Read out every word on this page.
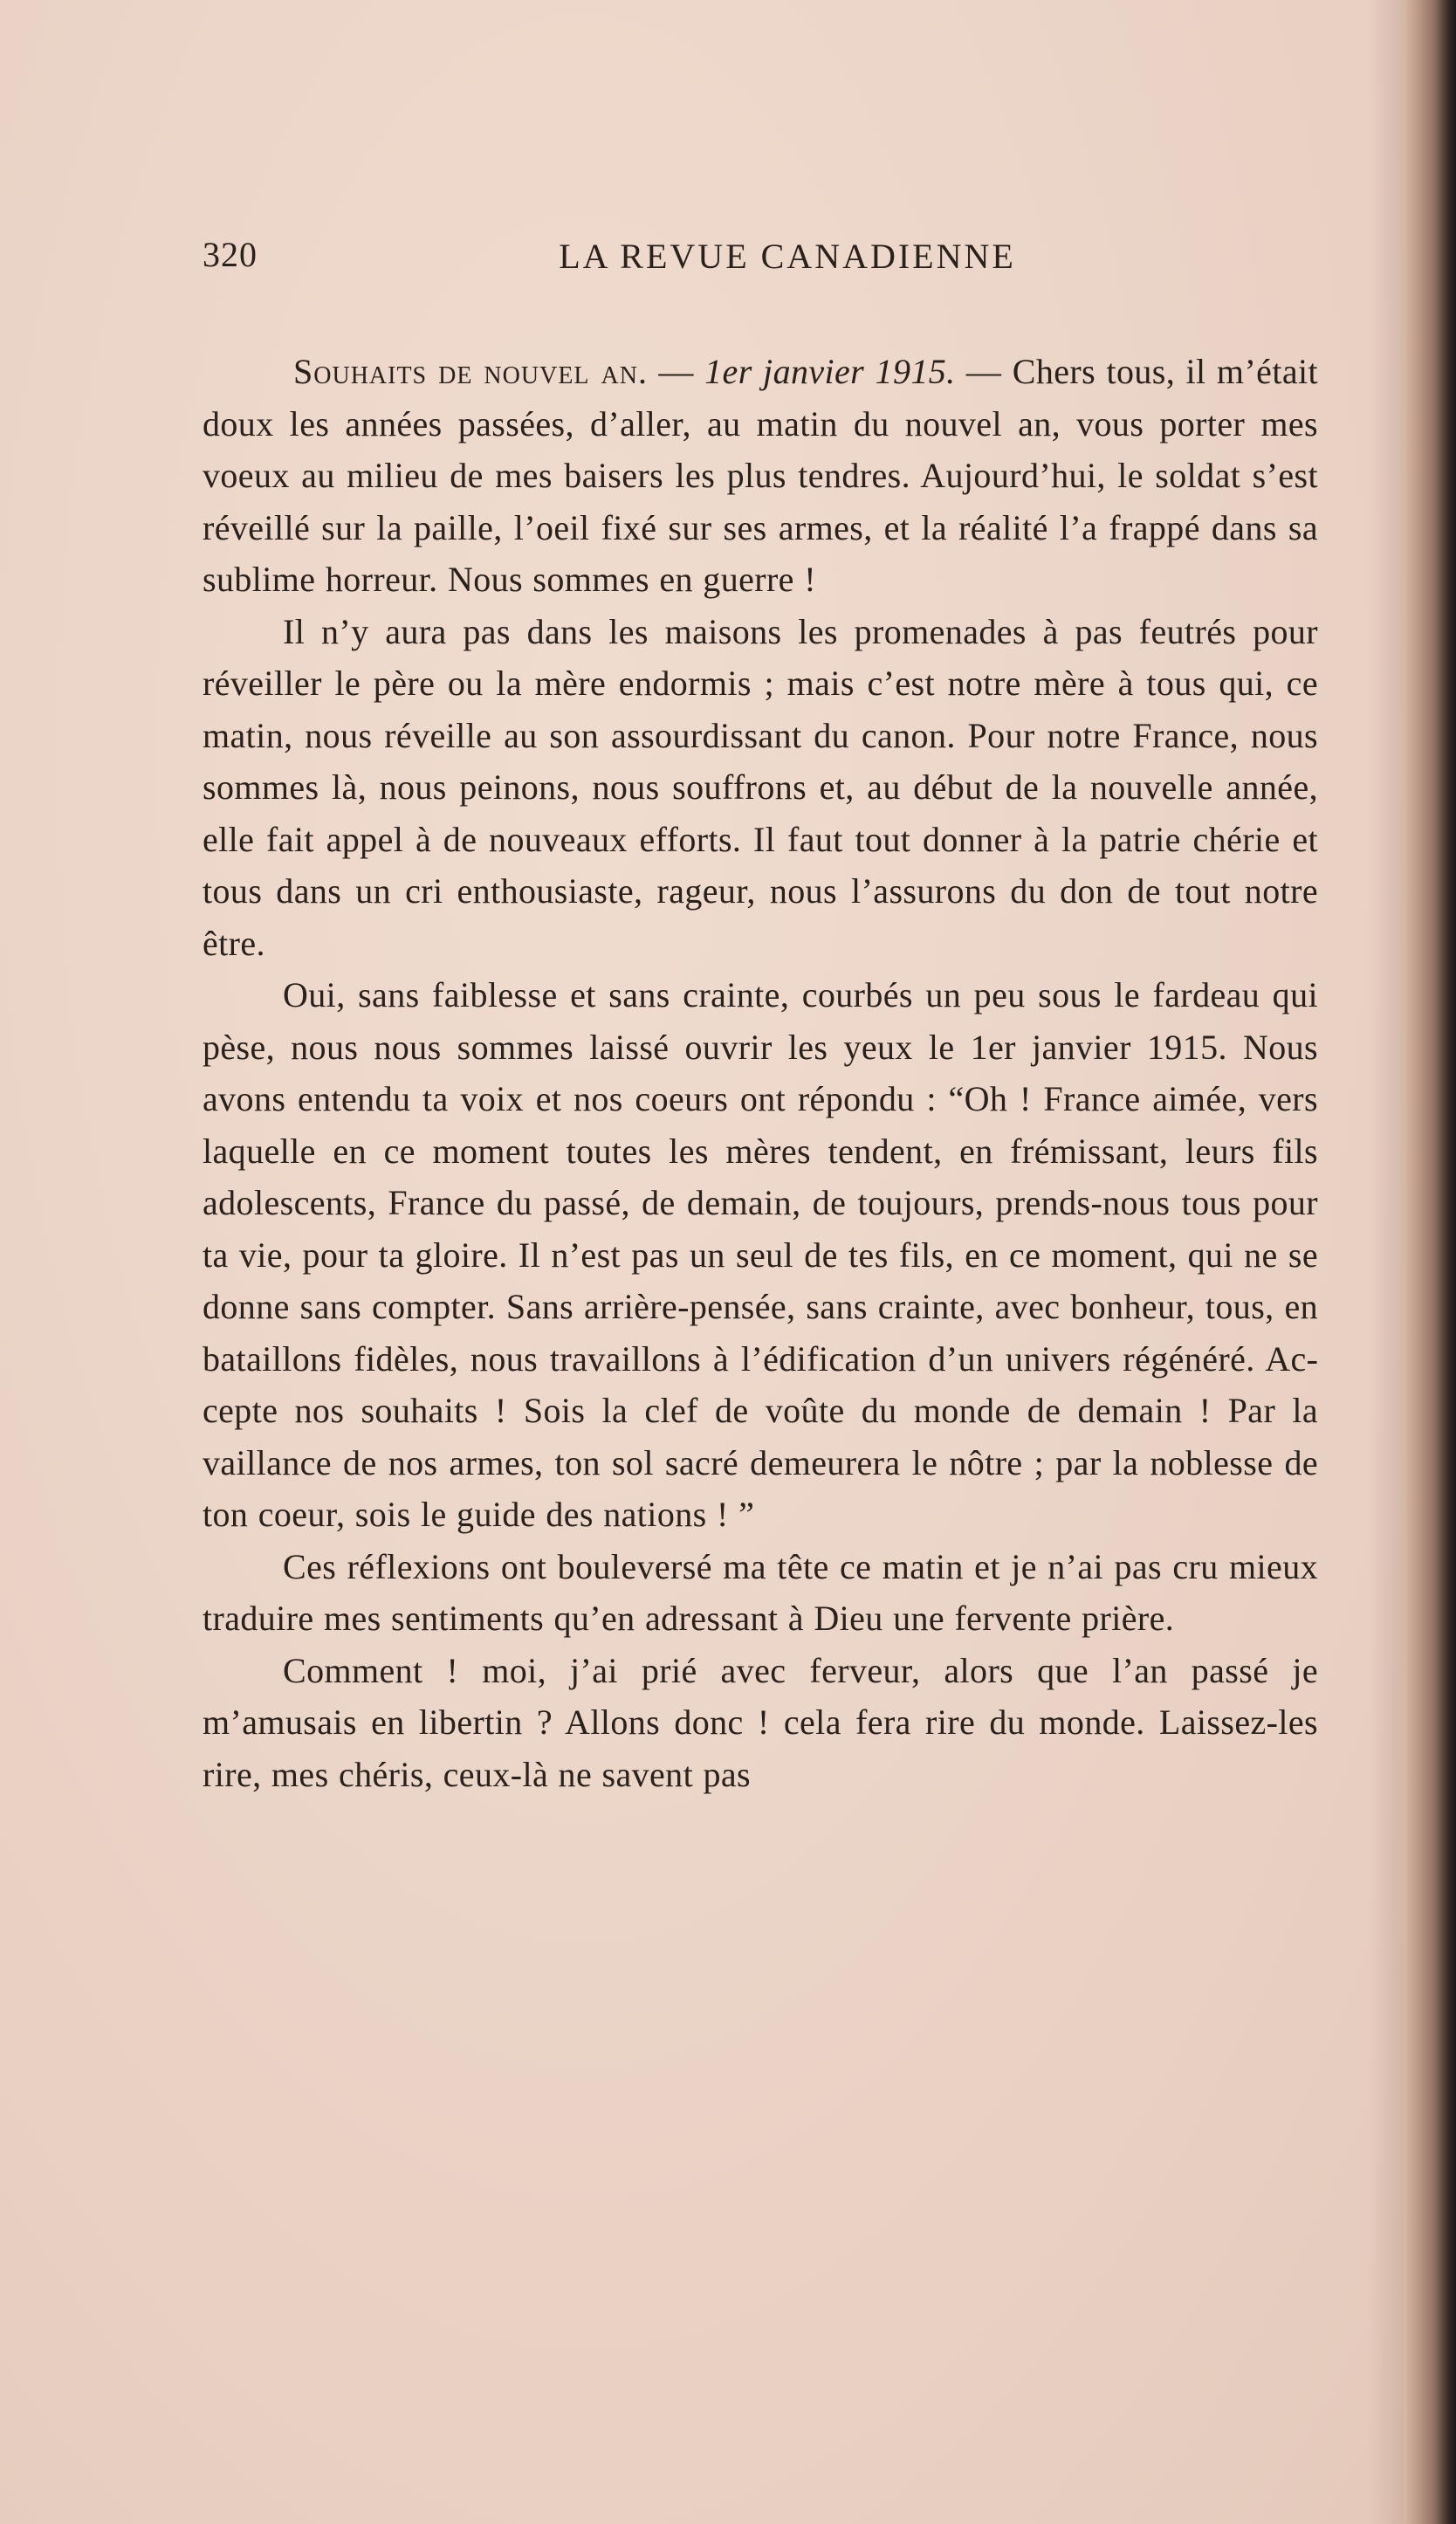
320	LA REVUE CANADIENNE

Souhaits de nouvel an. — 1er janvier 1915. — Chers tous, il m’était doux les années passées, d’aller, au matin du nouvel an, vous porter mes voeux au milieu de mes baisers les plus tendres. Aujourd’hui, le soldat s’est réveillé sur la paille, l’oeil fixé sur ses armes, et la réalité l’a frappé dans sa sublime horreur. Nous sommes en guerre !

Il n’y aura pas dans les maisons les promenades à pas feutrés pour réveiller le père ou la mère endormis ; mais c’est notre mère à tous qui, ce matin, nous réveille au son assourdissant du canon. Pour notre France, nous sommes là, nous peinons, nous souffrons et, au début de la nouvelle année, elle fait appel à de nouveaux efforts. Il faut tout donner à la patrie chérie et tous dans un cri enthousiaste, rageur, nous l’assurons du don de tout notre être.

Oui, sans faiblesse et sans crainte, courbés un peu sous le fardeau qui pèse, nous nous sommes laissé ouvrir les yeux le 1er janvier 1915. Nous avons entendu ta voix et nos coeurs ont répondu : “Oh ! France aimée, vers laquelle en ce moment toutes les mères tendent, en frémissant, leurs fils adolescents, France du passé, de demain, de toujours, prends-nous tous pour ta vie, pour ta gloire. Il n’est pas un seul de tes fils, en ce moment, qui ne se donne sans compter. Sans arrière-pensée, sans crainte, avec bonheur, tous, en bataillons fidèles, nous travaillons à l’édification d’un univers régénéré. Accepte nos souhaits ! Sois la clef de voûte du monde de demain ! Par la vaillance de nos armes, ton sol sacré demeurera le nôtre ; par la noblesse de ton coeur, sois le guide des nations ! ”

Ces réflexions ont bouleversé ma tête ce matin et je n’ai pas cru mieux traduire mes sentiments qu’en adressant à Dieu une fervente prière.

Comment ! moi, j’ai prié avec ferveur, alors que l’an passé je m’amusais en libertin ? Allons donc ! cela fera rire du monde. Laissez-les rire, mes chéris, ceux-là ne savent pas
